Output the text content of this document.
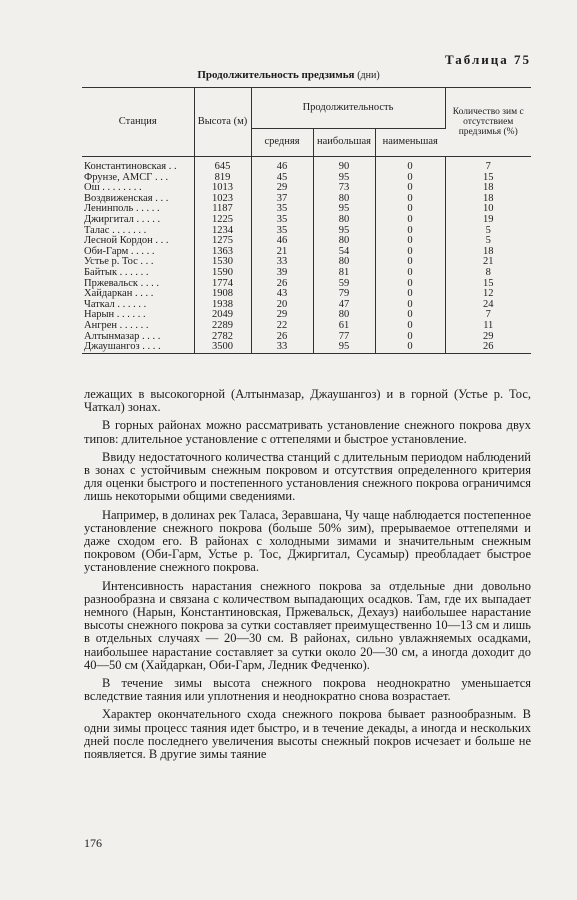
Таблица 75
Продолжительность предзимья (дни)
Станция	Высота (м)	Продолжительность			Количество зим с отсутствием предзимья (%)
		средняя	наибольшая	наименьшая	
Константиновская . .	645	46	90	0	7
Фрунзе, АМСГ . . .	819	45	95	0	15
Ош . . . . . . . .	1013	29	73	0	18
Воздвиженская . . .	1023	37	80	0	18
Ленинполь . . . . .	1187	35	95	0	10
Джиргитал . . . . .	1225	35	80	0	19
Талас . . . . . . .	1234	35	95	0	5
Лесной Кордон . . .	1275	46	80	0	5
Оби-Гарм . . . . .	1363	21	54	0	18
Устье р. Тос . . .	1530	33	80	0	21
Байтык . . . . . .	1590	39	81	0	8
Пржевальск . . . .	1774	26	59	0	15
Хайдаркан . . . .	1908	43	79	0	12
Чаткал . . . . . .	1938	20	47	0	24
Нарын . . . . . .	2049	29	80	0	7
Ангрен . . . . . .	2289	22	61	0	11
Алтынмазар . . . .	2782	26	77	0	29
Джаушангоз . . . .	3500	33	95	0	26

лежащих в высокогорной (Алтынмазар, Джаушангоз) и в горной (Устье р. Тос, Чаткал) зонах.

В горных районах можно рассматривать установление снежного покрова двух типов: длительное установление с оттепелями и быстрое установление.

Ввиду недостаточного количества станций с длительным периодом наблюдений в зонах с устойчивым снежным покровом и отсутствия определенного критерия для оценки быстрого и постепенного установления снежного покрова ограничимся лишь некоторыми общими сведениями.

Например, в долинах рек Таласа, Зеравшана, Чу чаще наблюдается постепенное установление снежного покрова (больше 50% зим), прерываемое оттепелями и даже сходом его. В районах с холодными зимами и значительным снежным покровом (Оби-Гарм, Устье р. Тос, Джиргитал, Сусамыр) преобладает быстрое установление снежного покрова.

Интенсивность нарастания снежного покрова за отдельные дни довольно разнообразна и связана с количеством выпадающих осадков. Там, где их выпадает немного (Нарын, Константиновская, Пржевальск, Дехауз) наибольшее нарастание высоты снежного покрова за сутки составляет преимущественно 10—13 см и лишь в отдельных случаях — 20—30 см. В районах, сильно увлажняемых осадками, наибольшее нарастание составляет за сутки около 20—30 см, а иногда доходит до 40—50 см (Хайдаркан, Оби-Гарм, Ледник Федченко).

В течение зимы высота снежного покрова неоднократно уменьшается вследствие таяния или уплотнения и неоднократно снова возрастает.

Характер окончательного схода снежного покрова бывает разнообразным. В одни зимы процесс таяния идет быстро, и в течение декады, а иногда и нескольких дней после последнего увеличения высоты снежный покров исчезает и больше не появляется. В другие зимы таяние

176
